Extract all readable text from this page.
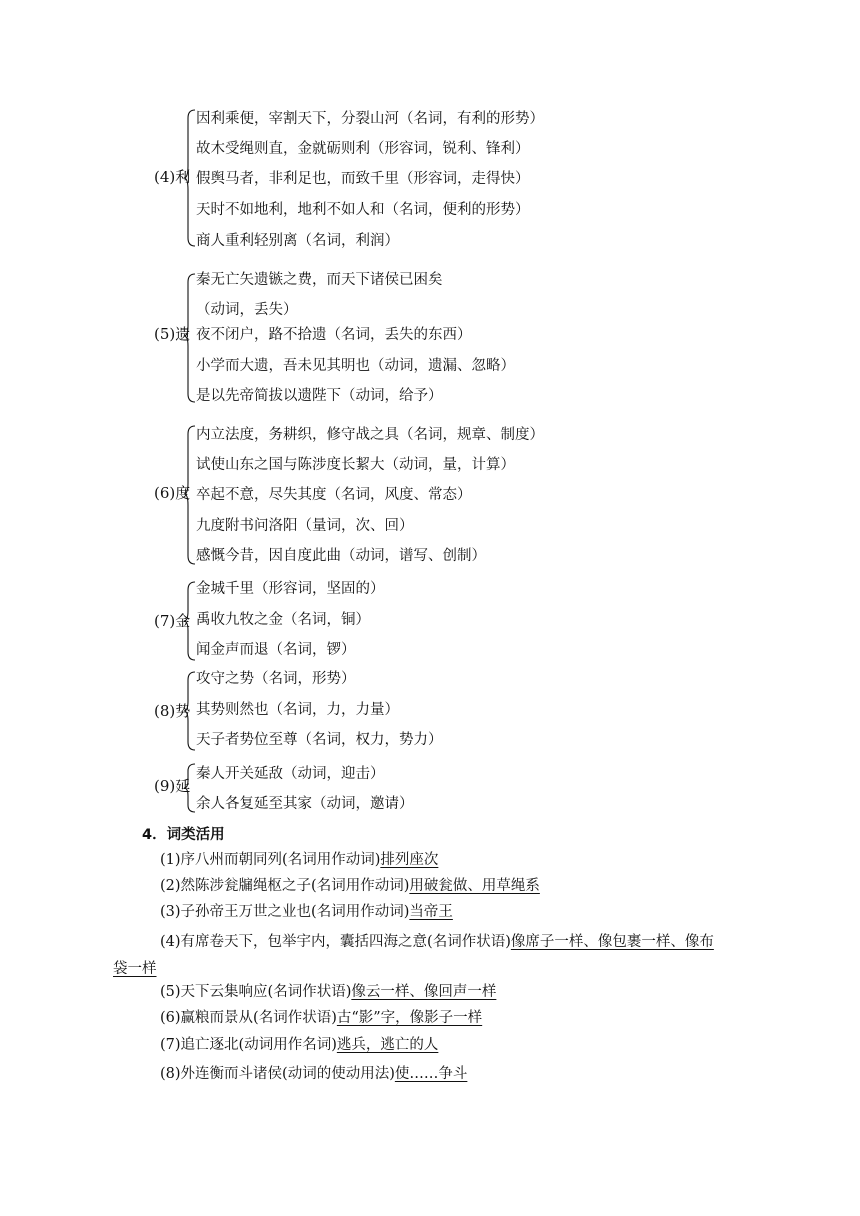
(4)利
因利乘便，宰割天下，分裂山河（名词，有利的形势）
故木受绳则直，金就砺则利（形容词，锐利、锋利）
假舆马者，非利足也，而致千里（形容词，走得快）
天时不如地利，地利不如人和（名词，便利的形势）
商人重利轻别离（名词，利润）
(5)遗
秦无亡矢遗镞之费，而天下诸侯已困矣
（动词，丢失）
夜不闭户，路不拾遗（名词，丢失的东西）
小学而大遗，吾未见其明也（动词，遗漏、忽略）
是以先帝简拔以遗陛下（动词，给予）
(6)度
内立法度，务耕织，修守战之具（名词，规章、制度）
试使山东之国与陈涉度长絜大（动词，量，计算）
卒起不意，尽失其度（名词，风度、常态）
九度附书问洛阳（量词，次、回）
感慨今昔，因自度此曲（动词，谱写、创制）
(7)金
金城千里（形容词，坚固的）
禹收九牧之金（名词，铜）
闻金声而退（名词，锣）
(8)势
攻守之势（名词，形势）
其势则然也（名词，力，力量）
天子者势位至尊（名词，权力，势力）
(9)延
秦人开关延敌（动词，迎击）
余人各复延至其家（动词，邀请）
4．词类活用
(1)序八州而朝同列(名词用作动词)排列座次
(2)然陈涉瓮牖绳枢之子(名词用作动词)用破瓮做、用草绳系
(3)子孙帝王万世之业也(名词用作动词)当帝王
(4)有席卷天下，包举宇内，囊括四海之意(名词作状语)像席子一样、像包裹一样、像布
袋一样
(5)天下云集响应(名词作状语)像云一样、像回声一样
(6)赢粮而景从(名词作状语)古“影”字，像影子一样
(7)追亡逐北(动词用作名词)逃兵，逃亡的人
(8)外连衡而斗诸侯(动词的使动用法)使……争斗
